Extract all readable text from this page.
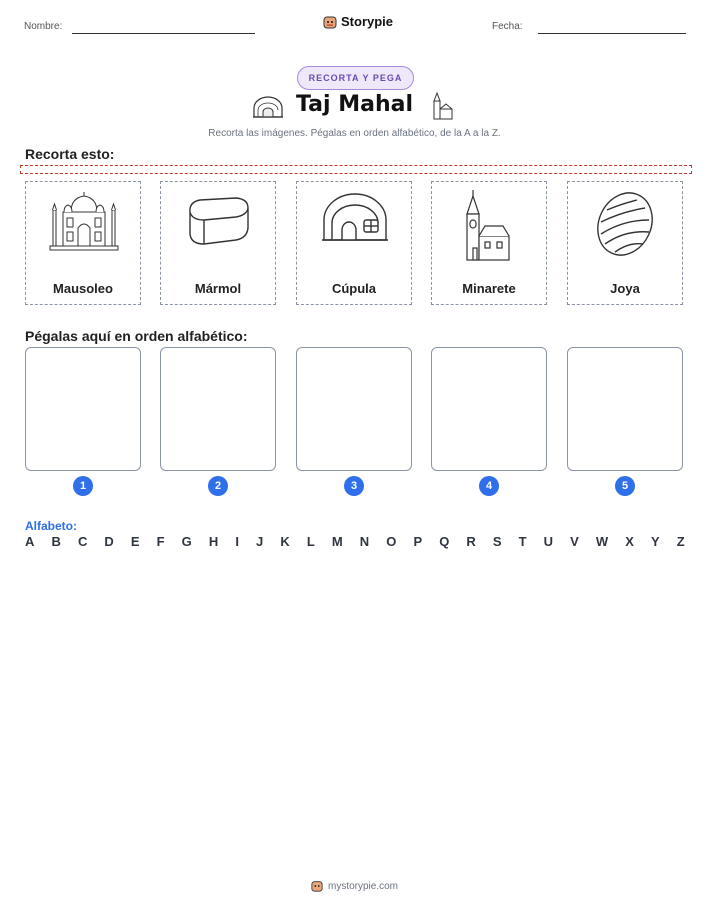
Nombre:	Storypie	Fecha:
RECORTA Y PEGA
Taj Mahal
Recorta las imágenes. Pégalas en orden alfabético, de la A a la Z.
Recorta esto:
Mausoleo	Mármol	Cúpula	Minarete	Joya
Pégalas aquí en orden alfabético:
1	2	3	4	5
Alfabeto:
A B C D E F G H I J K L M N O P Q R S T U V W X Y Z
mystorypie.com
